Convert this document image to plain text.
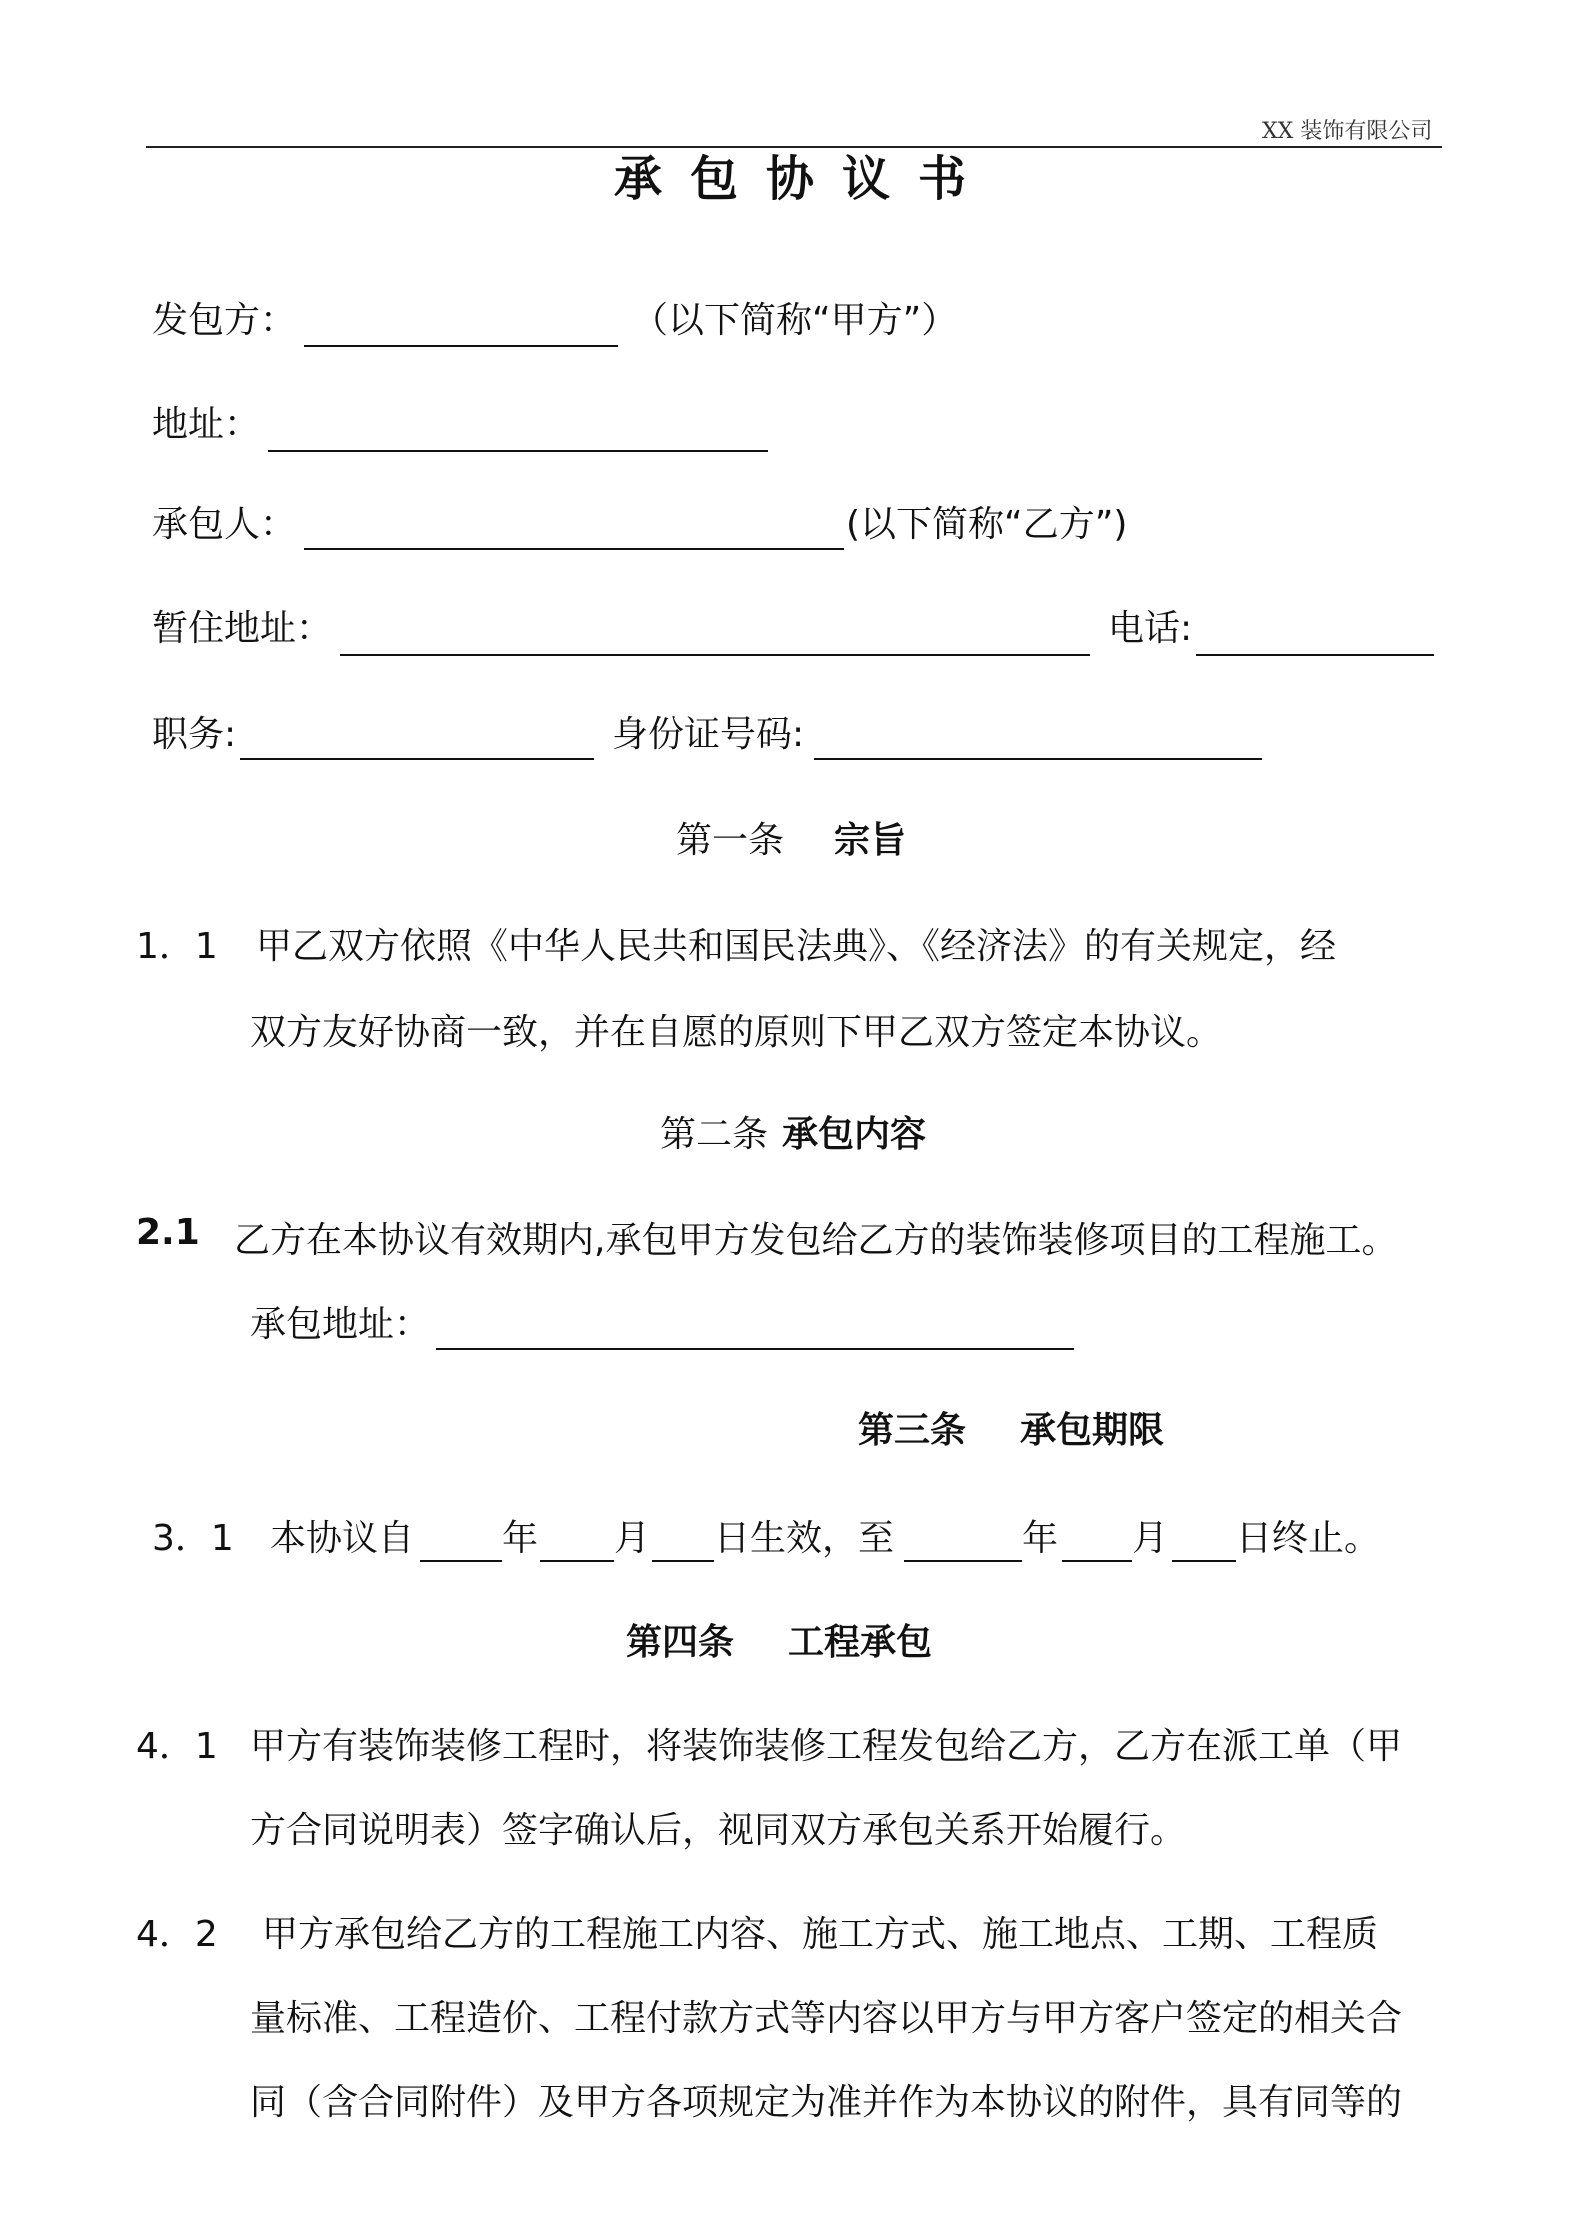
XX 装饰有限公司
承包协议书
发包方：	（以下简称“甲方”）
地址：
承包人：	(以下简称“乙方”)
暂住地址：	电话:
职务:	身份证号码:
第一条 宗旨
1．1 甲乙双方依照《中华人民共和国民法典》、《经济法》的有关规定，经
双方友好协商一致，并在自愿的原则下甲乙双方签定本协议。
第二条 承包内容
2.1 乙方在本协议有效期内,承包甲方发包给乙方的装饰装修项目的工程施工。
承包地址：
第三条 承包期限
3．1 本协议自 年 月 日生效，至	年 月 日终止。
第四条 工程承包
4．1 甲方有装饰装修工程时，将装饰装修工程发包给乙方，乙方在派工单（甲
方合同说明表）签字确认后，视同双方承包关系开始履行。
4．2 甲方承包给乙方的工程施工内容、施工方式、施工地点、工期、工程质
量标准、工程造价、工程付款方式等内容以甲方与甲方客户签定的相关合
同（含合同附件）及甲方各项规定为准并作为本协议的附件，具有同等的
